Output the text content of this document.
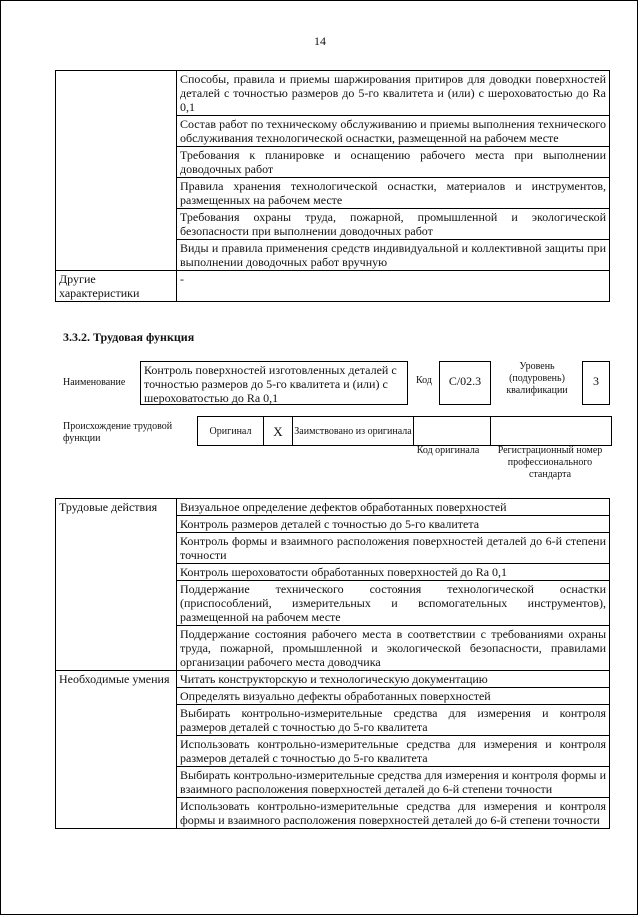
14
	Способы, правила и приемы шаржирования притиров для доводки поверхностей деталей с точностью размеров до 5-го квалитета и (или) с шероховатостью до Ra 0,1
	Состав работ по техническому обслуживанию и приемы выполнения технического обслуживания технологической оснастки, размещенной на рабочем месте
	Требования к планировке и оснащению рабочего места при выполнении доводочных работ
	Правила хранения технологической оснастки, материалов и инструментов, размещенных на рабочем месте
	Требования охраны труда, пожарной, промышленной и экологической безопасности при выполнении доводочных работ
	Виды и правила применения средств индивидуальной и коллективной защиты при выполнении доводочных работ вручную
Другие характеристики	-
3.3.2. Трудовая функция
Наименование
Контроль поверхностей изготовленных деталей с точностью размеров до 5-го квалитета и (или) с шероховатостью до Ra 0,1
Код	С/02.3
Уровень (подуровень) квалификации
3
Происхождение трудовой функции
Оригинал	X	Заимствовано из оригинала		
Код оригинала	Регистрационный номер профессионального стандарта
Трудовые действия	Визуальное определение дефектов обработанных поверхностей
	Контроль размеров деталей с точностью до 5-го квалитета
	Контроль формы и взаимного расположения поверхностей деталей до 6-й степени точности
	Контроль шероховатости обработанных поверхностей до Ra 0,1
	Поддержание технического состояния технологической оснастки (приспособлений, измерительных и вспомогательных инструментов), размещенной на рабочем месте
	Поддержание состояния рабочего места в соответствии с требованиями охраны труда, пожарной, промышленной и экологической безопасности, правилами организации рабочего места доводчика
Необходимые умения	Читать конструкторскую и технологическую документацию
	Определять визуально дефекты обработанных поверхностей
	Выбирать контрольно-измерительные средства для измерения и контроля размеров деталей с точностью до 5-го квалитета
	Использовать контрольно-измерительные средства для измерения и контроля размеров деталей с точностью до 5-го квалитета
	Выбирать контрольно-измерительные средства для измерения и контроля формы и взаимного расположения поверхностей деталей до 6-й степени точности
	Использовать контрольно-измерительные средства для измерения и контроля формы и взаимного расположения поверхностей деталей до 6-й степени точности
